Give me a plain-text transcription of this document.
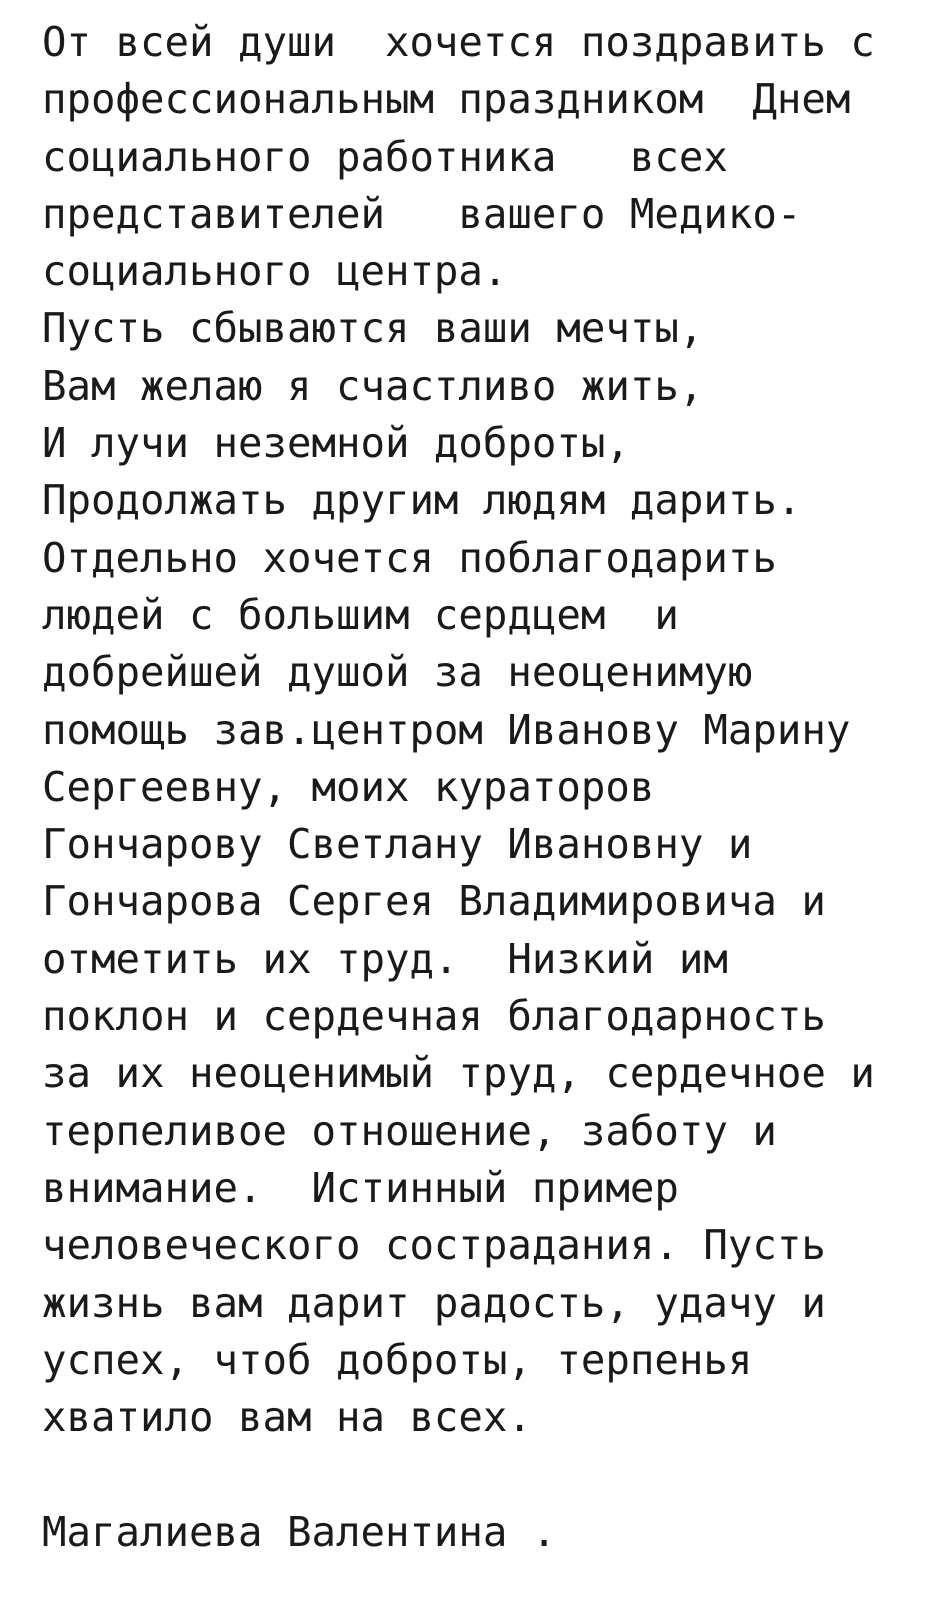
От всей души  хочется поздравить с
профессиональным праздником  Днем
социального работника   всех
представителей   вашего Медико-
социального центра.
Пусть сбываются ваши мечты,
Вам желаю я счастливо жить,
И лучи неземной доброты,
Продолжать другим людям дарить.
Отдельно хочется поблагодарить
людей с большим сердцем  и
добрейшей душой за неоценимую
помощь зав.центром Иванову Марину
Сергеевну, моих кураторов
Гончарову Светлану Ивановну и
Гончарова Сергея Владимировича и
отметить их труд.  Низкий им
поклон и сердечная благодарность
за их неоценимый труд, сердечное и
терпеливое отношение, заботу и
внимание.  Истинный пример
человеческого сострадания. Пусть
жизнь вам дарит радость, удачу и
успех, чтоб доброты, терпенья
хватило вам на всех.
Магалиева Валентина .
